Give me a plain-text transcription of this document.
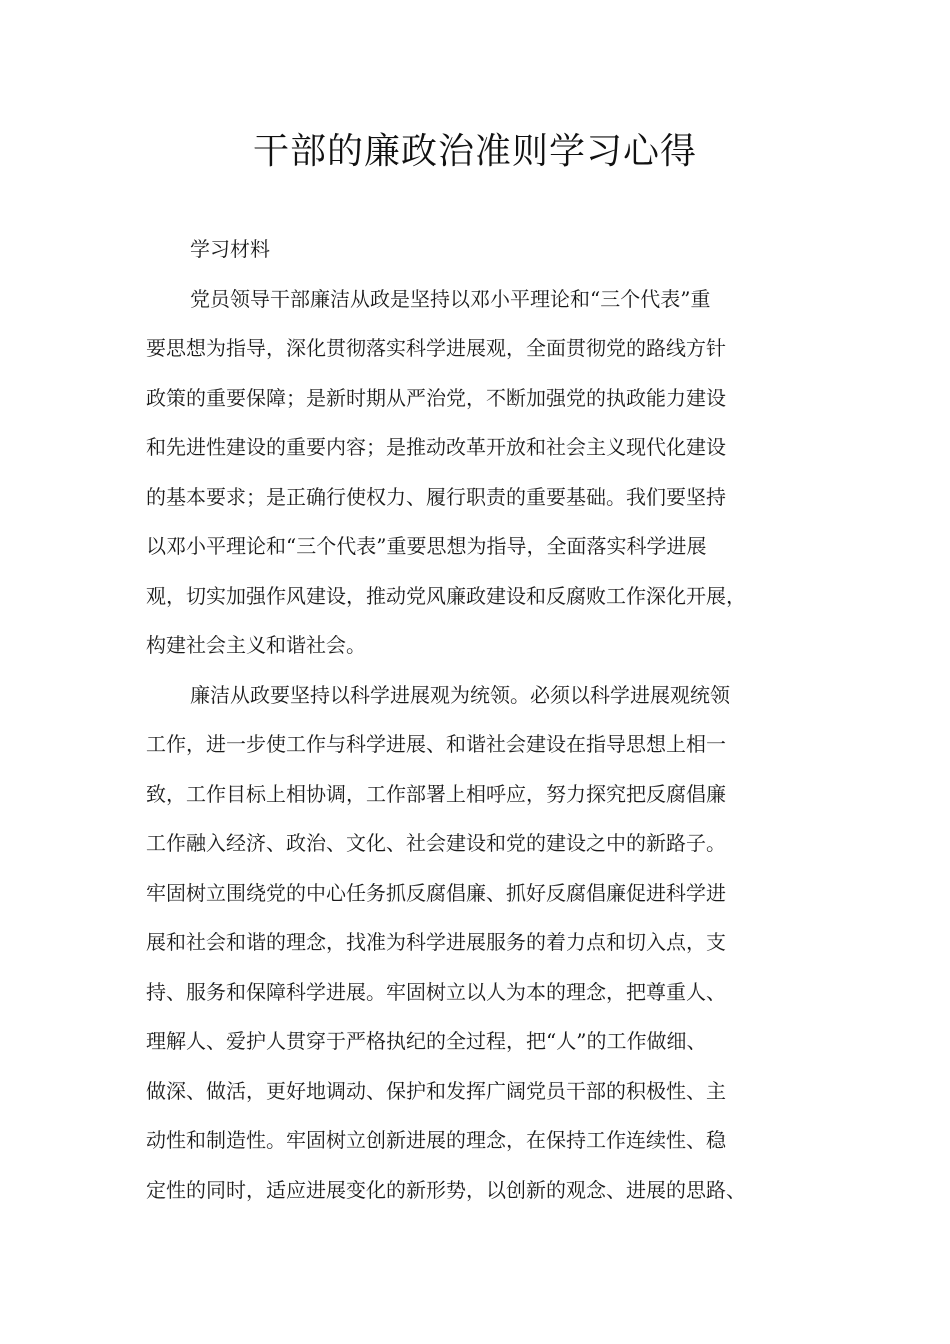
干部的廉政治准则学习心得
学习材料
党员领导干部廉洁从政是坚持以邓小平理论和“三个代表”重
要思想为指导，深化贯彻落实科学进展观，全面贯彻党的路线方针
政策的重要保障；是新时期从严治党，不断加强党的执政能力建设
和先进性建设的重要内容；是推动改革开放和社会主义现代化建设
的基本要求；是正确行使权力、履行职责的重要基础。我们要坚持
以邓小平理论和“三个代表”重要思想为指导，全面落实科学进展
观，切实加强作风建设，推动党风廉政建设和反腐败工作深化开展，
构建社会主义和谐社会。
廉洁从政要坚持以科学进展观为统领。必须以科学进展观统领
工作，进一步使工作与科学进展、和谐社会建设在指导思想上相一
致，工作目标上相协调，工作部署上相呼应，努力探究把反腐倡廉
工作融入经济、政治、文化、社会建设和党的建设之中的新路子。
牢固树立围绕党的中心任务抓反腐倡廉、抓好反腐倡廉促进科学进
展和社会和谐的理念，找准为科学进展服务的着力点和切入点，支
持、服务和保障科学进展。牢固树立以人为本的理念，把尊重人、
理解人、爱护人贯穿于严格执纪的全过程，把“人”的工作做细、
做深、做活，更好地调动、保护和发挥广阔党员干部的积极性、主
动性和制造性。牢固树立创新进展的理念，在保持工作连续性、稳
定性的同时，适应进展变化的新形势，以创新的观念、进展的思路、
